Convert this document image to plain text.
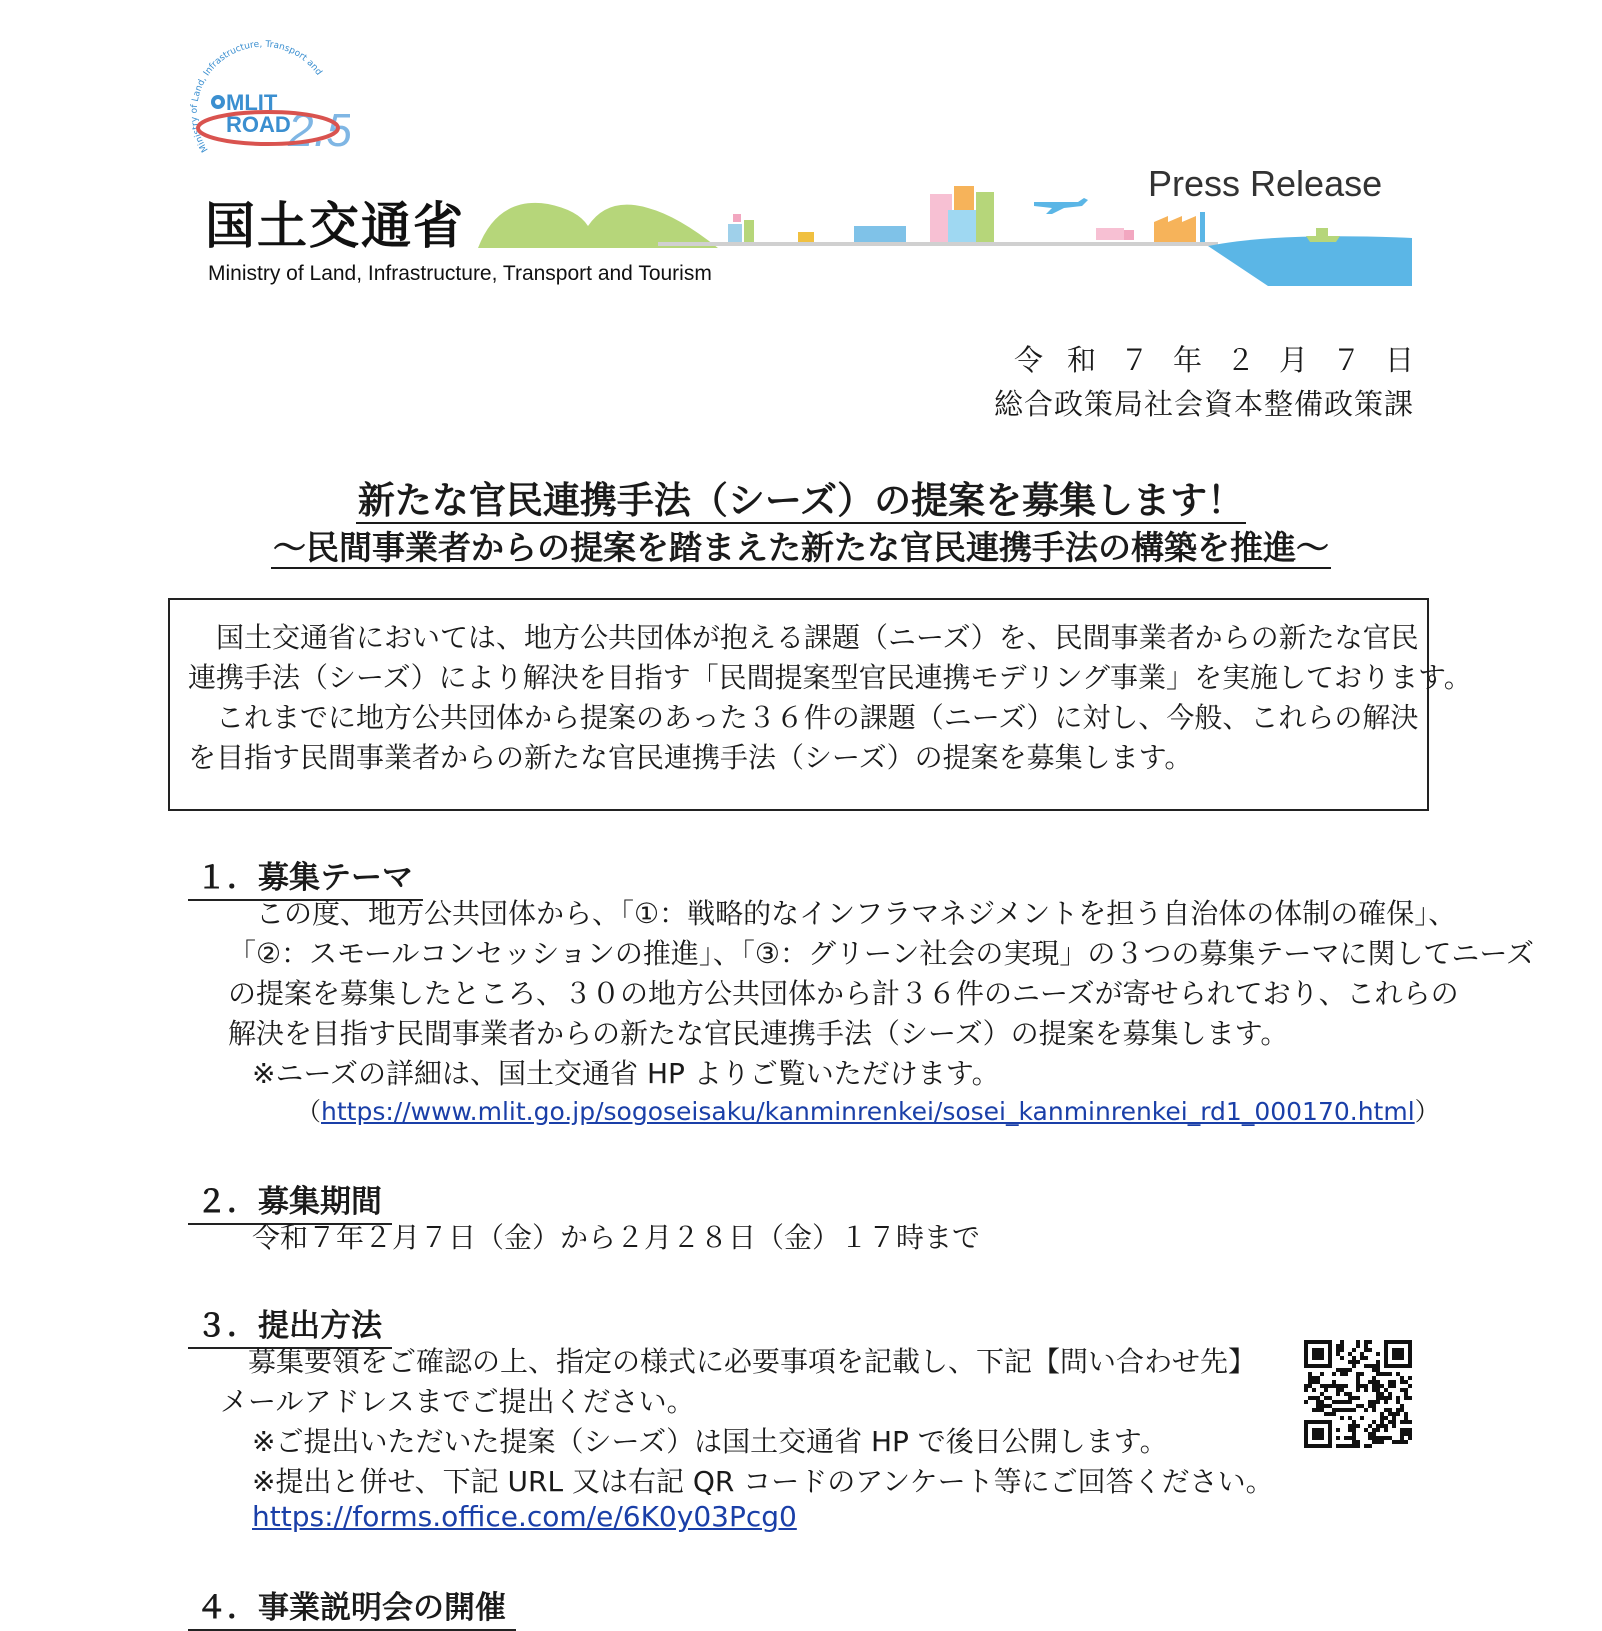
Ministry of Land, Infrastructure, Transport and
MLIT
ROAD
2.5
国土交通省
Ministry of Land, Infrastructure, Transport and Tourism
Press Release
令和７年２月７日
総合政策局社会資本整備政策課
新たな官民連携手法（シーズ）の提案を募集します！
～民間事業者からの提案を踏まえた新たな官民連携手法の構築を推進～
　国土交通省においては、地方公共団体が抱える課題（ニーズ）を、民間事業者からの新たな官民
連携手法（シーズ）により解決を目指す「民間提案型官民連携モデリング事業」を実施しております。
　これまでに地方公共団体から提案のあった３６件の課題（ニーズ）に対し、今般、これらの解決
を目指す民間事業者からの新たな官民連携手法（シーズ）の提案を募集します。
１．募集テーマ
　この度、地方公共団体から、「①：戦略的なインフラマネジメントを担う自治体の体制の確保」、
「②：スモールコンセッションの推進」、「③：グリーン社会の実現」の３つの募集テーマに関してニーズ
の提案を募集したところ、３０の地方公共団体から計３６件のニーズが寄せられており、これらの
解決を目指す民間事業者からの新たな官民連携手法（シーズ）の提案を募集します。
※ニーズの詳細は、国土交通省 HP よりご覧いただけます。
（https://www.mlit.go.jp/sogoseisaku/kanminrenkei/sosei_kanminrenkei_rd1_000170.html）
２．募集期間
令和７年２月７日（金）から２月２８日（金）１７時まで
３．提出方法
　募集要領をご確認の上、指定の様式に必要事項を記載し、下記【問い合わせ先】
メールアドレスまでご提出ください。
※ご提出いただいた提案（シーズ）は国土交通省 HP で後日公開します。
※提出と併せ、下記 URL 又は右記 QR コードのアンケート等にご回答ください。
https://forms.office.com/e/6K0y03Pcg0
４．事業説明会の開催
